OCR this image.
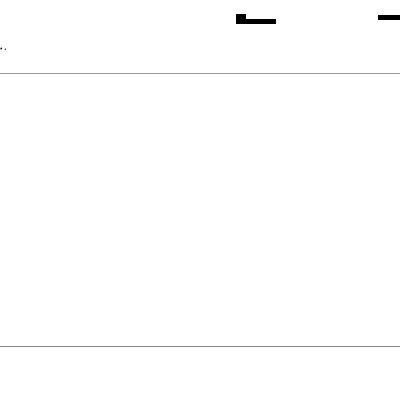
• •
